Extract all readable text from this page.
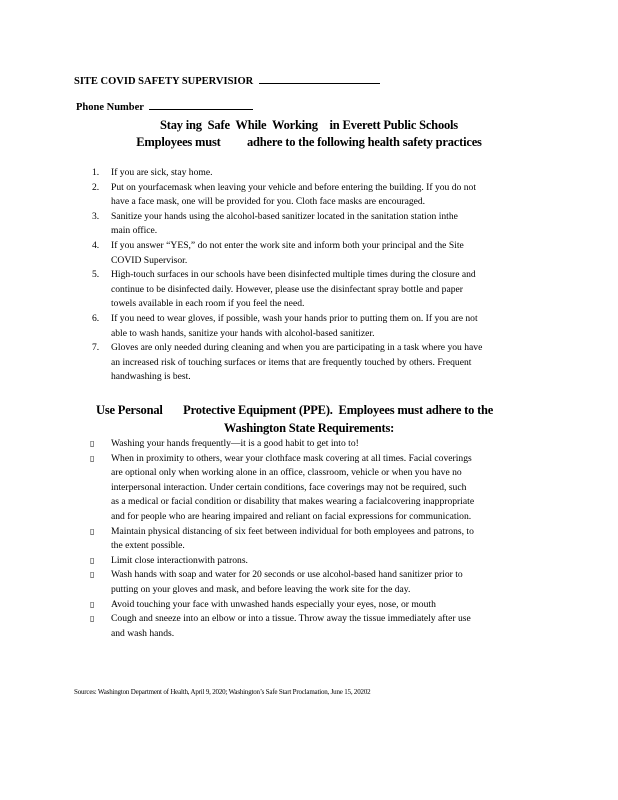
SITE COVID SAFETY SUPERVISIOR
Phone Number
Stay ing  Safe  While  Working    in Everett Public Schools
Employees must         adhere to the following health safety practices
1. If you are sick, stay home.
2. Put on yourfacemask when leaving your vehicle and before entering the building. If you do not
have a face mask, one will be provided for you. Cloth face masks are encouraged.
3. Sanitize your hands using the alcohol-based sanitizer located in the sanitation station inthe
main office.
4. If you answer “YES,” do not enter the work site and inform both your principal and the Site
COVID Supervisor.
5. High-touch surfaces in our schools have been disinfected multiple times during the closure and
continue to be disinfected daily. However, please use the disinfectant spray bottle and paper
towels available in each room if you feel the need.
6. If you need to wear gloves, if possible, wash your hands prior to putting them on. If you are not
able to wash hands, sanitize your hands with alcohol-based sanitizer.
7. Gloves are only needed during cleaning and when you are participating in a task where you have
an increased risk of touching surfaces or items that are frequently touched by others. Frequent
handwashing is best.
Use Personal       Protective Equipment (PPE).  Employees must adhere to the
Washington State Requirements:
▯ Washing your hands frequently—it is a good habit to get into to!
▯ When in proximity to others, wear your clothface mask covering at all times. Facial coverings
are optional only when working alone in an office, classroom, vehicle or when you have no
interpersonal interaction. Under certain conditions, face coverings may not be required, such
as a medical or facial condition or disability that makes wearing a facialcovering inappropriate
and for people who are hearing impaired and reliant on facial expressions for communication.
▯ Maintain physical distancing of six feet between individual for both employees and patrons, to
the extent possible.
▯ Limit close interactionwith patrons.
▯ Wash hands with soap and water for 20 seconds or use alcohol-based hand sanitizer prior to
putting on your gloves and mask, and before leaving the work site for the day.
▯ Avoid touching your face with unwashed hands especially your eyes, nose, or mouth
▯ Cough and sneeze into an elbow or into a tissue. Throw away the tissue immediately after use
and wash hands.
Sources: Washington Department of Health, April 9, 2020; Washington’s Safe Start Proclamation, June 15, 20202
